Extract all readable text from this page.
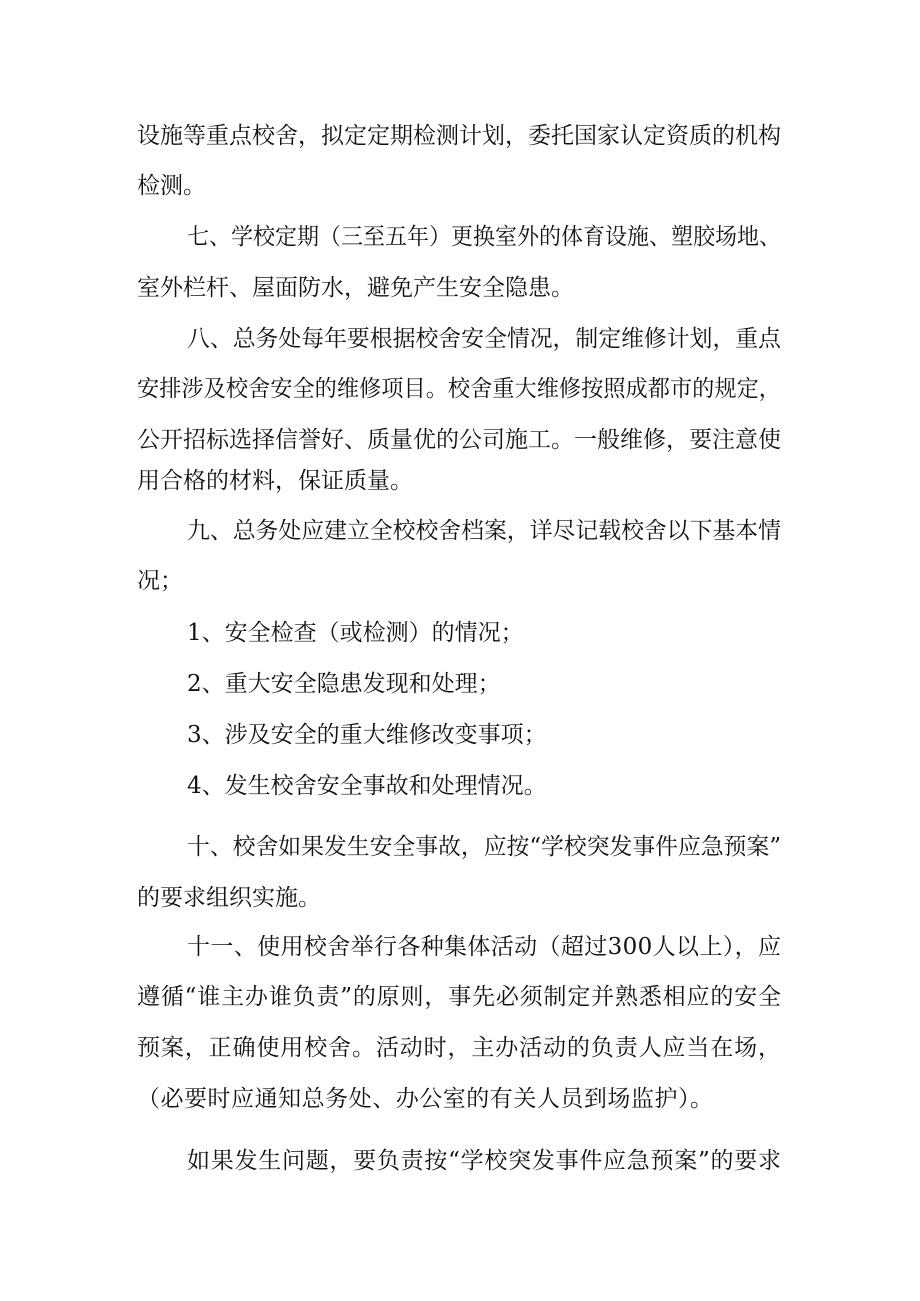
设施等重点校舍，拟定定期检测计划，委托国家认定资质的机构
检测。
七、学校定期（三至五年）更换室外的体育设施、塑胶场地、
室外栏杆、屋面防水，避免产生安全隐患。
八、总务处每年要根据校舍安全情况，制定维修计划，重点
安排涉及校舍安全的维修项目。校舍重大维修按照成都市的规定，
公开招标选择信誉好、质量优的公司施工。一般维修，要注意使
用合格的材料，保证质量。
九、总务处应建立全校校舍档案，详尽记载校舍以下基本情
况；
1、安全检查（或检测）的情况；
2、重大安全隐患发现和处理；
3、涉及安全的重大维修改变事项；
4、发生校舍安全事故和处理情况。
十、校舍如果发生安全事故，应按“学校突发事件应急预案”
的要求组织实施。
十一、使用校舍举行各种集体活动（超过300人以上），应
遵循“谁主办谁负责”的原则，事先必须制定并熟悉相应的安全
预案，正确使用校舍。活动时，主办活动的负责人应当在场，
（必要时应通知总务处、办公室的有关人员到场监护）。
如果发生问题，要负责按“学校突发事件应急预案”的要求
